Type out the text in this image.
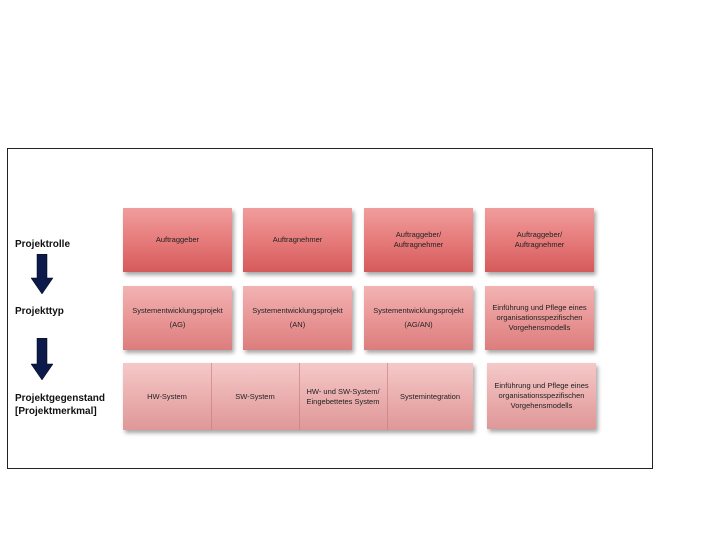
Projektrolle
Projekttyp
Projektgegenstand
[Projektmerkmal]
Auftraggeber	Auftragnehmer
Auftraggeber/
Auftragnehmer
Auftraggeber/
Auftragnehmer
Systementwicklungsprojekt
(AG)
Systementwicklungsprojekt
(AN)
Systementwicklungsprojekt
(AG/AN)
Einführung und Pflege eines organisationsspezifischen Vorgehensmodells
HW-System	SW-System
HW- und SW-System/ Eingebettetes System
Systemintegration
Einführung und Pflege eines organisationsspezifischen Vorgehensmodells
